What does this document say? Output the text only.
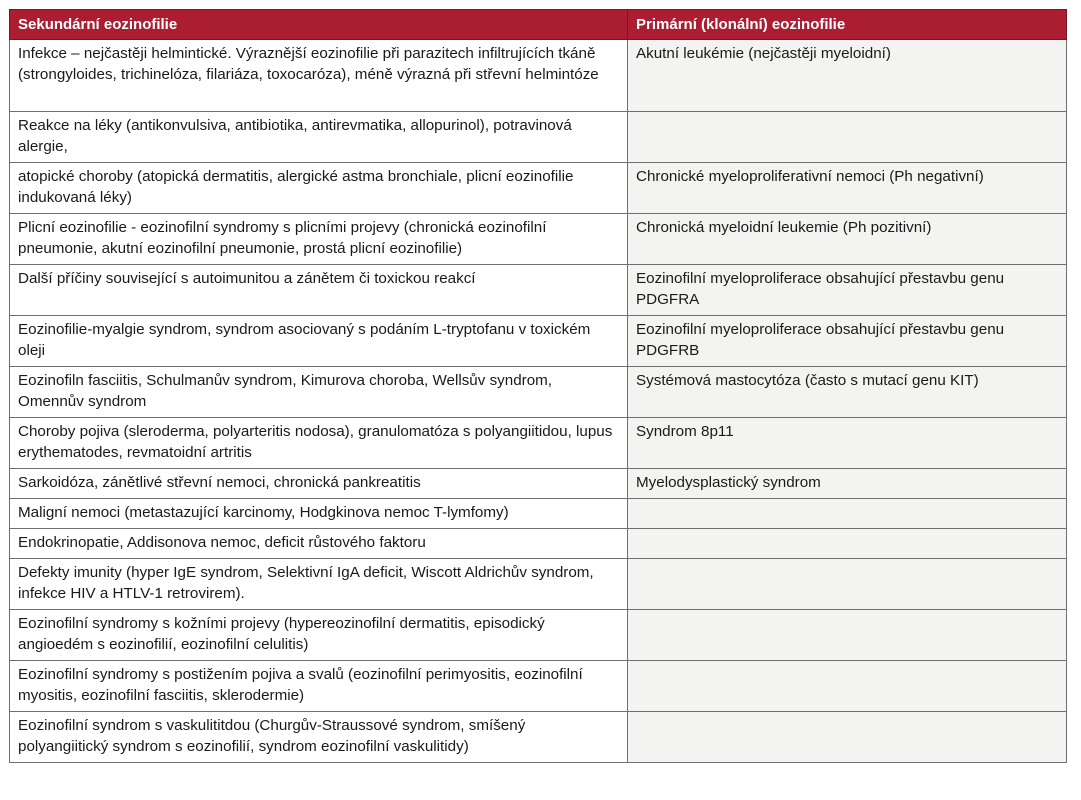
Sekundární eozinofilie	Primární (klonální) eozinofilie
Infekce – nejčastěji helmintické. Výraznější eozinofilie při parazitech infiltrujících tkáně (strongyloides, trichinelóza, filariáza, toxocaróza), méně výrazná při střevní helmintóze	Akutní leukémie (nejčastěji myeloidní)
Reakce na léky (antikonvulsiva, antibiotika, antirevmatika, allopurinol), potravinová alergie,	
atopické choroby (atopická dermatitis, alergické astma bronchiale, plicní eozinofilie indukovaná léky)	Chronické myeloproliferativní nemoci (Ph negativní)
Plicní eozinofilie - eozinofilní syndromy s plicními projevy (chronická eozinofilní pneumonie, akutní eozinofilní pneumonie, prostá plicní eozinofilie)	Chronická myeloidní leukemie (Ph pozitivní)
Další příčiny související s autoimunitou a zánětem či toxickou reakcí	Eozinofilní myeloproliferace obsahující přestavbu genu PDGFRA
Eozinofilie-myalgie syndrom, syndrom asociovaný s podáním L-tryptofanu v toxickém oleji	Eozinofilní myeloproliferace obsahující přestavbu genu PDGFRB
Eozinofiln fasciitis, Schulmanův syndrom, Kimurova choroba, Wellsův syndrom, Omennův syndrom	Systémová mastocytóza (často s mutací genu KIT)
Choroby pojiva (sleroderma, polyarteritis nodosa), granulomatóza s polyangiitidou, lupus erythematodes, revmatoidní artritis	Syndrom 8p11
Sarkoidóza, zánětlivé střevní nemoci, chronická pankreatitis	Myelodysplastický syndrom
Maligní nemoci (metastazující karcinomy, Hodgkinova nemoc T-lymfomy)	
Endokrinopatie, Addisonova nemoc, deficit růstového faktoru	
Defekty imunity (hyper IgE syndrom, Selektivní IgA deficit, Wiscott Aldrichův syndrom, infekce HIV a HTLV-1 retrovirem).	
Eozinofilní syndromy s kožními projevy (hypereozinofilní dermatitis, episodický angioedém s eozinofilií, eozinofilní celulitis)	
Eozinofilní syndromy s postižením pojiva a svalů (eozinofilní perimyositis, eozinofilní myositis, eozinofilní fasciitis, sklerodermie)	
Eozinofilní syndrom s vaskulititdou (Churgův-Straussové syndrom, smíšený polyangiitický syndrom s eozinofilií, syndrom eozinofilní vaskulitidy)	
